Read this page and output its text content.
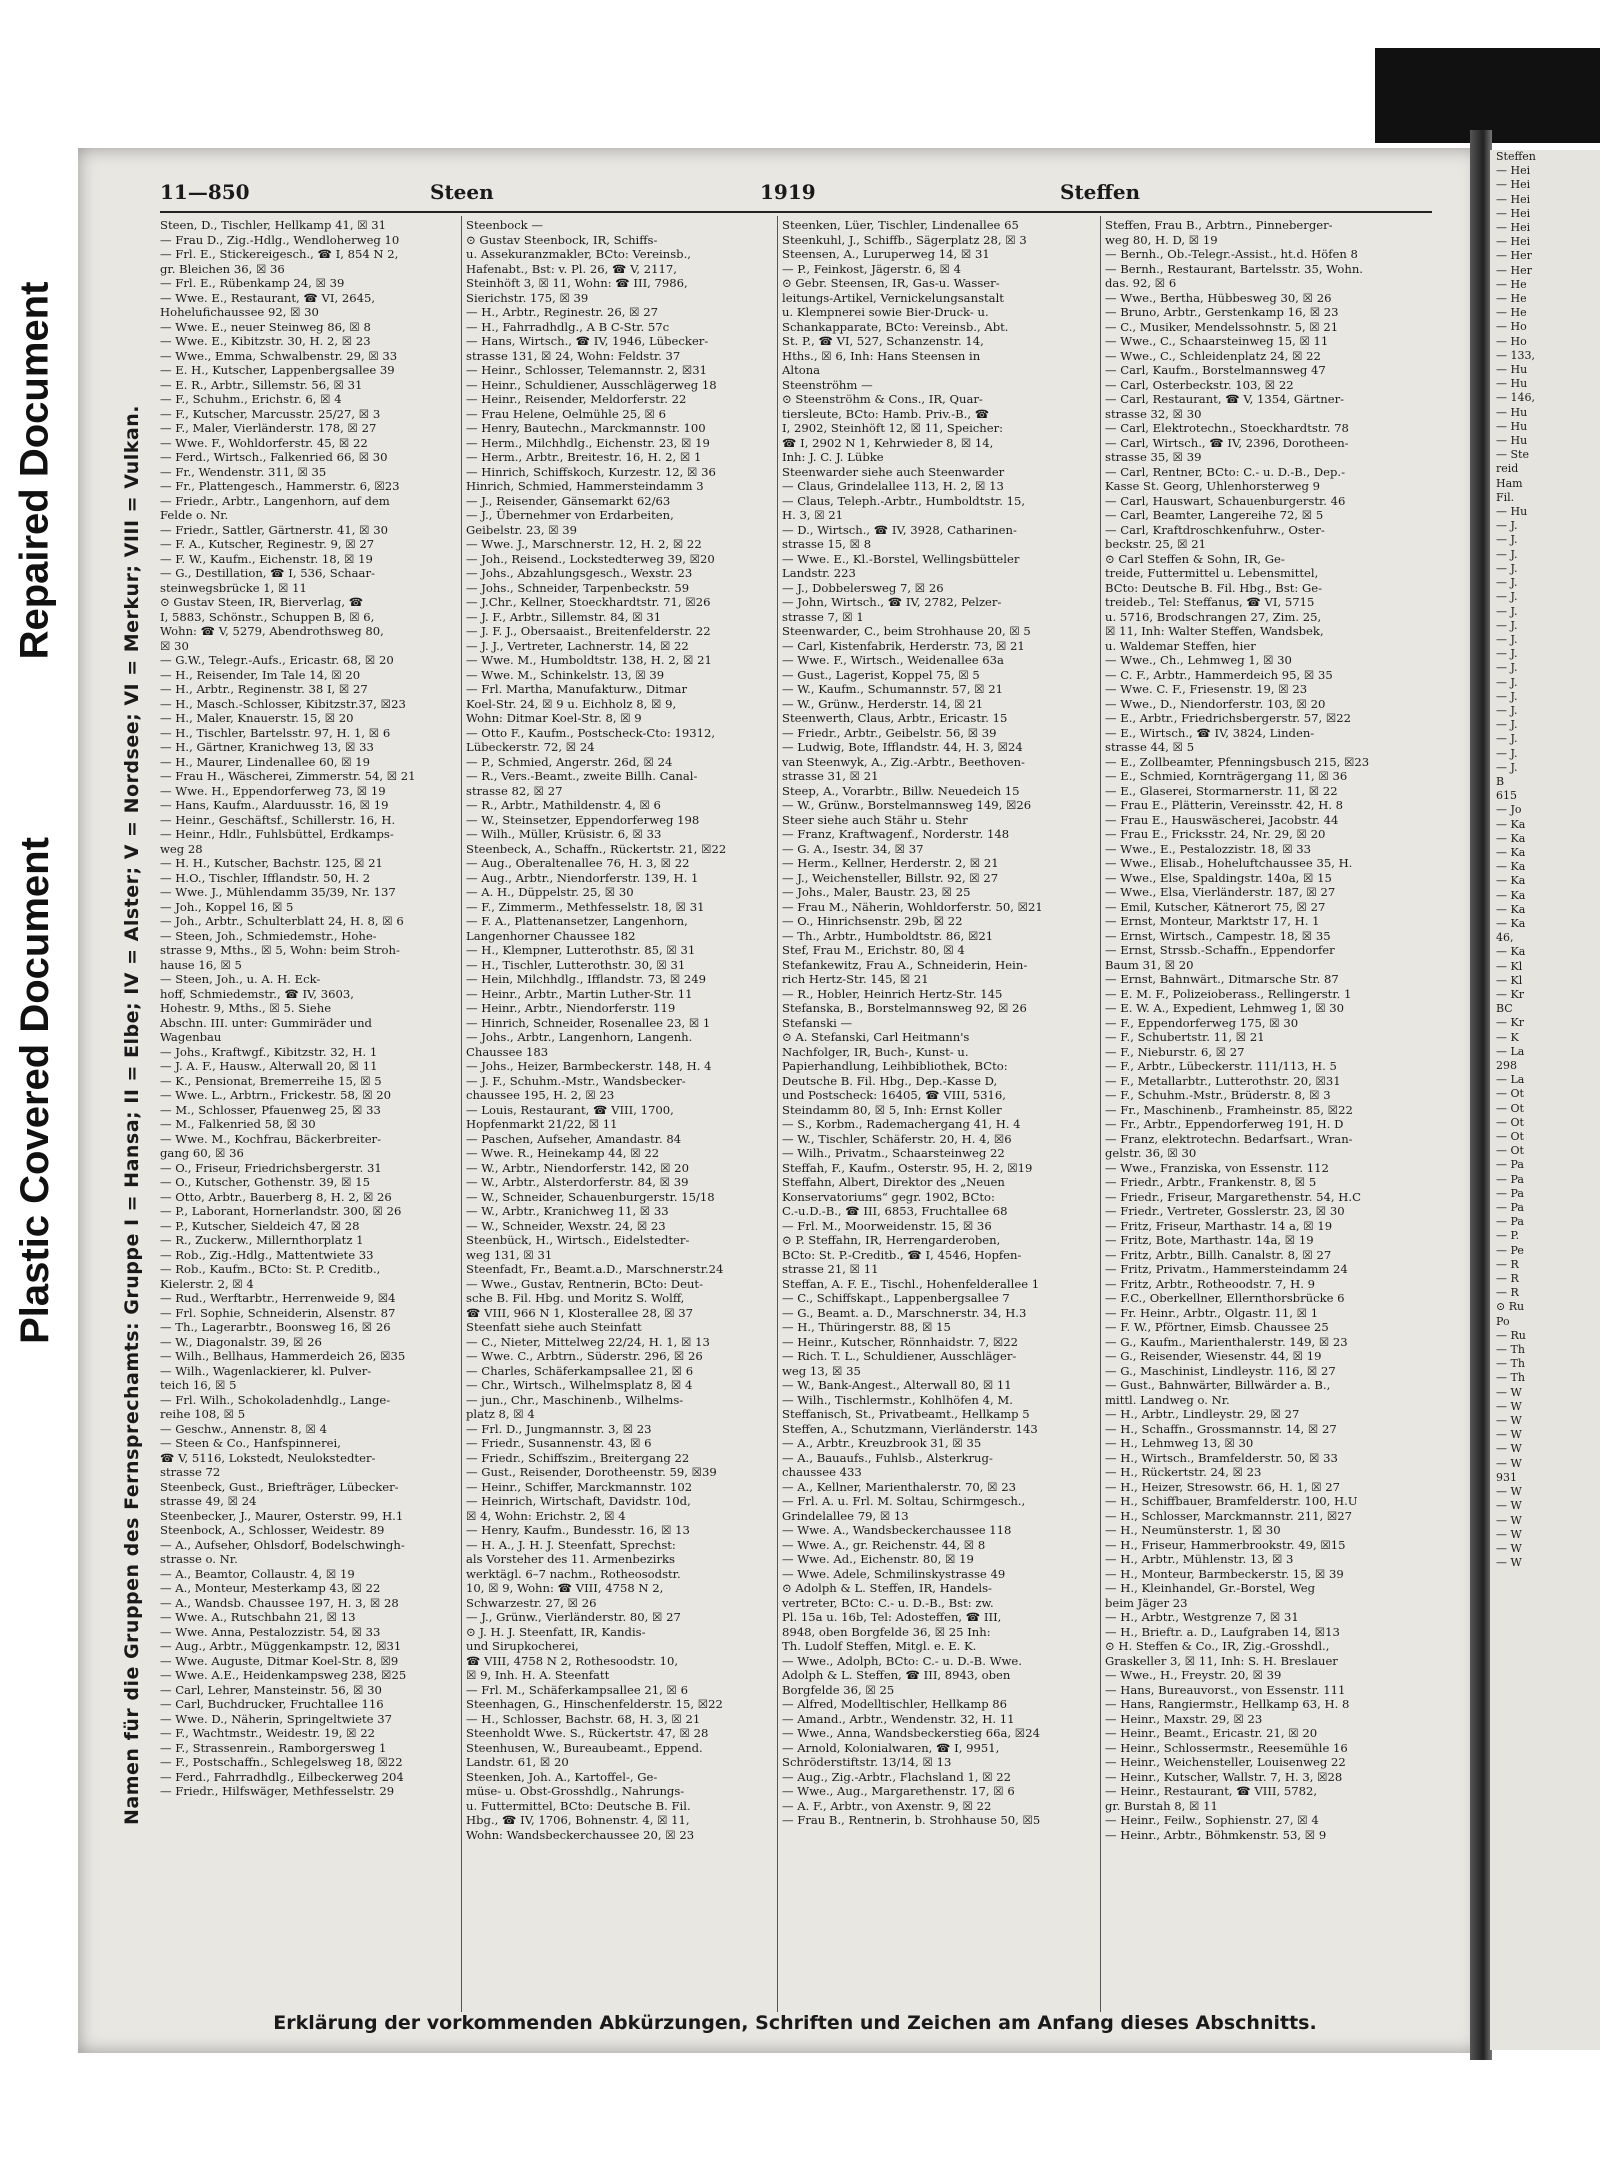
Repaired Document
Plastic Covered Document
Steffen
— Hei
— Hei
— Hei
— Hei
— Hei
— Hei
— Her
— Her
— He
— He
— He
— Ho
— Ho
— 133,
— Hu
— Hu
— 146,
— Hu
— Hu
— Hu
— Ste
reid
Ham
Fil.
— Hu
— J.
— J.
— J.
— J.
— J.
— J.
— J.
— J.
— J.
— J.
— J.
— J.
— J.
— J.
— J.
— J.
— J.
— J.
B
615
— Jo
— Ka
— Ka
— Ka
— Ka
— Ka
— Ka
— Ka
— Ka
46,
— Ka
— Kl
— Kl
— Kr
BC
— Kr
— K
— La
298
— La
— Ot
— Ot
— Ot
— Ot
— Ot
— Pa
— Pa
— Pa
— Pa
— Pa
— P.
— Pe
— R
— R
— R
⊙ Ru
Po
— Ru
— Th
— Th
— Th
— W
— W
— W
— W
— W
— W
931
— W
— W
— W
— W
— W
— W
11—850	Steen	1919	Steffen
Namen für die Gruppen des Fernsprechamts: Gruppe I = Hansa; II = Elbe; IV = Alster; V = Nordsee; VI = Merkur; VIII = Vulkan.
Steen, D., Tischler, Hellkamp 41, ☒ 31
— Frau D., Zig.-Hdlg., Wendloherweg 10
— Frl. E., Stickereigesch., ☎ I, 854 N 2,
gr. Bleichen 36, ☒ 36
— Frl. E., Rübenkamp 24, ☒ 39
— Wwe. E., Restaurant, ☎ VI, 2645,
Hohelufichaussee 92, ☒ 30
— Wwe. E., neuer Steinweg 86, ☒ 8
— Wwe. E., Kibitzstr. 30, H. 2, ☒ 23
— Wwe., Emma, Schwalbenstr. 29, ☒ 33
— E. H., Kutscher, Lappenbergsallee 39
— E. R., Arbtr., Sillemstr. 56, ☒ 31
— F., Schuhm., Erichstr. 6, ☒ 4
— F., Kutscher, Marcusstr. 25/27, ☒ 3
— F., Maler, Vierländerstr. 178, ☒ 27
— Wwe. F., Wohldorferstr. 45, ☒ 22
— Ferd., Wirtsch., Falkenried 66, ☒ 30
— Fr., Wendenstr. 311, ☒ 35
— Fr., Plattengesch., Hammerstr. 6, ☒23
— Friedr., Arbtr., Langenhorn, auf dem
Felde o. Nr.
— Friedr., Sattler, Gärtnerstr. 41, ☒ 30
— F. A., Kutscher, Reginestr. 9, ☒ 27
— F. W., Kaufm., Eichenstr. 18, ☒ 19
— G., Destillation, ☎ I, 536, Schaar-
steinwegsbrücke 1, ☒ 11
⊙ Gustav Steen, IR, Bierverlag, ☎
I, 5883, Schönstr., Schuppen B, ☒ 6,
Wohn: ☎ V, 5279, Abendrothsweg 80,
☒ 30
— G.W., Telegr.-Aufs., Ericastr. 68, ☒ 20
— H., Reisender, Im Tale 14, ☒ 20
— H., Arbtr., Reginenstr. 38 I, ☒ 27
— H., Masch.-Schlosser, Kibitzstr.37, ☒23
— H., Maler, Knauerstr. 15, ☒ 20
— H., Tischler, Bartelsstr. 97, H. 1, ☒ 6
— H., Gärtner, Kranichweg 13, ☒ 33
— H., Maurer, Lindenallee 60, ☒ 19
— Frau H., Wäscherei, Zimmerstr. 54, ☒ 21
— Wwe. H., Eppendorferweg 73, ☒ 19
— Hans, Kaufm., Alarduusstr. 16, ☒ 19
— Heinr., Geschäftsf., Schillerstr. 16, H.
— Heinr., Hdlr., Fuhlsbüttel, Erdkamps-
weg 28
— H. H., Kutscher, Bachstr. 125, ☒ 21
— H.O., Tischler, Ifflandstr. 50, H. 2
— Wwe. J., Mühlendamm 35/39, Nr. 137
— Joh., Koppel 16, ☒ 5
— Joh., Arbtr., Schulterblatt 24, H. 8, ☒ 6
— Steen, Joh., Schmiedemstr., Hohe-
strasse 9, Mths., ☒ 5, Wohn: beim Stroh-
hause 16, ☒ 5
— Steen, Joh., u. A. H. Eck-
hoff, Schmiedemstr., ☎ IV, 3603,
Hohestr. 9, Mths., ☒ 5. Siehe
Abschn. III. unter: Gummiräder und
Wagenbau
— Johs., Kraftwgf., Kibitzstr. 32, H. 1
— J. A. F., Hausw., Alterwall 20, ☒ 11
— K., Pensionat, Bremerreihe 15, ☒ 5
— Wwe. L., Arbtrn., Frickestr. 58, ☒ 20
— M., Schlosser, Pfauenweg 25, ☒ 33
— M., Falkenried 58, ☒ 30
— Wwe. M., Kochfrau, Bäckerbreiter-
gang 60, ☒ 36
— O., Friseur, Friedrichsbergerstr. 31
— O., Kutscher, Gothenstr. 39, ☒ 15
— Otto, Arbtr., Bauerberg 8, H. 2, ☒ 26
— P., Laborant, Hornerlandstr. 300, ☒ 26
— P., Kutscher, Sieldeich 47, ☒ 28
— R., Zuckerw., Millernthorplatz 1
— Rob., Zig.-Hdlg., Mattentwiete 33
— Rob., Kaufm., BCto: St. P. Creditb.,
Kielerstr. 2, ☒ 4
— Rud., Werftarbtr., Herrenweide 9, ☒4
— Frl. Sophie, Schneiderin, Alsenstr. 87
— Th., Lagerarbtr., Boonsweg 16, ☒ 26
— W., Diagonalstr. 39, ☒ 26
— Wilh., Bellhaus, Hammerdeich 26, ☒35
— Wilh., Wagenlackierer, kl. Pulver-
teich 16, ☒ 5
— Frl. Wilh., Schokoladenhdlg., Lange-
reihe 108, ☒ 5
— Geschw., Annenstr. 8, ☒ 4
— Steen & Co., Hanfspinnerei,
☎ V, 5116, Lokstedt, Neulokstedter-
strasse 72
Steenbeck, Gust., Briefträger, Lübecker-
strasse 49, ☒ 24
Steenbecker, J., Maurer, Osterstr. 99, H.1
Steenbock, A., Schlosser, Weidestr. 89
— A., Aufseher, Ohlsdorf, Bodelschwingh-
strasse o. Nr.
— A., Beamtor, Collaustr. 4, ☒ 19
— A., Monteur, Mesterkamp 43, ☒ 22
— A., Wandsb. Chaussee 197, H. 3, ☒ 28
— Wwe. A., Rutschbahn 21, ☒ 13
— Wwe. Anna, Pestalozzistr. 54, ☒ 33
— Aug., Arbtr., Müggenkampstr. 12, ☒31
— Wwe. Auguste, Ditmar Koel-Str. 8, ☒9
— Wwe. A.E., Heidenkampsweg 238, ☒25
— Carl, Lehrer, Mansteinstr. 56, ☒ 30
— Carl, Buchdrucker, Fruchtallee 116
— Wwe. D., Näherin, Springeltwiete 37
— F., Wachtmstr., Weidestr. 19, ☒ 22
— F., Strassenrein., Ramborgersweg 1
— F., Postschaffn., Schlegelsweg 18, ☒22
— Ferd., Fahrradhdlg., Eilbeckerweg 204
— Friedr., Hilfswäger, Methfesselstr. 29
Steenbock —
⊙ Gustav Steenbock, IR, Schiffs-
u. Assekuranzmakler, BCto: Vereinsb.,
Hafenabt., Bst: v. Pl. 26, ☎ V, 2117,
Steinhöft 3, ☒ 11, Wohn: ☎ III, 7986,
Sierichstr. 175, ☒ 39
— H., Arbtr., Reginestr. 26, ☒ 27
— H., Fahrradhdlg., A B C-Str. 57c
— Hans, Wirtsch., ☎ IV, 1946, Lübecker-
strasse 131, ☒ 24, Wohn: Feldstr. 37
— Heinr., Schlosser, Telemannstr. 2, ☒31
— Heinr., Schuldiener, Ausschlägerweg 18
— Heinr., Reisender, Meldorferstr. 22
— Frau Helene, Oelmühle 25, ☒ 6
— Henry, Bautechn., Marckmannstr. 100
— Herm., Milchhdlg., Eichenstr. 23, ☒ 19
— Herm., Arbtr., Breitestr. 16, H. 2, ☒ 1
— Hinrich, Schiffskoch, Kurzestr. 12, ☒ 36
Hinrich, Schmied, Hammersteindamm 3
— J., Reisender, Gänsemarkt 62/63
— J., Übernehmer von Erdarbeiten,
Geibelstr. 23, ☒ 39
— Wwe. J., Marschnerstr. 12, H. 2, ☒ 22
— Joh., Reisend., Lockstedterweg 39, ☒20
— Johs., Abzahlungsgesch., Wexstr. 23
— Johs., Schneider, Tarpenbeckstr. 59
— J.Chr., Kellner, Stoeckhardtstr. 71, ☒26
— J. F., Arbtr., Sillemstr. 84, ☒ 31
— J. F. J., Obersaaist., Breitenfelderstr. 22
— J. J., Vertreter, Lachnerstr. 14, ☒ 22
— Wwe. M., Humboldtstr. 138, H. 2, ☒ 21
— Wwe. M., Schinkelstr. 13, ☒ 39
— Frl. Martha, Manufakturw., Ditmar
Koel-Str. 24, ☒ 9 u. Eichholz 8, ☒ 9,
Wohn: Ditmar Koel-Str. 8, ☒ 9
— Otto F., Kaufm., Postscheck-Cto: 19312,
Lübeckerstr. 72, ☒ 24
— P., Schmied, Angerstr. 26d, ☒ 24
— R., Vers.-Beamt., zweite Billh. Canal-
strasse 82, ☒ 27
— R., Arbtr., Mathildenstr. 4, ☒ 6
— W., Steinsetzer, Eppendorferweg 198
— Wilh., Müller, Krüsistr. 6, ☒ 33
Steenbeck, A., Schaffn., Rückertstr. 21, ☒22
— Aug., Oberaltenallee 76, H. 3, ☒ 22
— Aug., Arbtr., Niendorferstr. 139, H. 1
— A. H., Düppelstr. 25, ☒ 30
— F., Zimmerm., Methfesselstr. 18, ☒ 31
— F. A., Plattenansetzer, Langenhorn,
Langenhorner Chaussee 182
— H., Klempner, Lutterothstr. 85, ☒ 31
— H., Tischler, Lutterothstr. 30, ☒ 31
— Hein, Milchhdlg., Ifflandstr. 73, ☒ 249
— Heinr., Arbtr., Martin Luther-Str. 11
— Heinr., Arbtr., Niendorferstr. 119
— Hinrich, Schneider, Rosenallee 23, ☒ 1
— Johs., Arbtr., Langenhorn, Langenh.
Chaussee 183
— Johs., Heizer, Barmbeckerstr. 148, H. 4
— J. F., Schuhm.-Mstr., Wandsbecker-
chaussee 195, H. 2, ☒ 23
— Louis, Restaurant, ☎ VIII, 1700,
Hopfenmarkt 21/22, ☒ 11
— Paschen, Aufseher, Amandastr. 84
— Wwe. R., Heinekamp 44, ☒ 22
— W., Arbtr., Niendorferstr. 142, ☒ 20
— W., Arbtr., Alsterdorferstr. 84, ☒ 39
— W., Schneider, Schauenburgerstr. 15/18
— W., Arbtr., Kranichweg 11, ☒ 33
— W., Schneider, Wexstr. 24, ☒ 23
Steenbück, H., Wirtsch., Eidelstedter-
weg 131, ☒ 31
Steenfadt, Fr., Beamt.a.D., Marschnerstr.24
— Wwe., Gustav, Rentnerin, BCto: Deut-
sche B. Fil. Hbg. und Moritz S. Wolff,
☎ VIII, 966 N 1, Klosterallee 28, ☒ 37
Steenfatt siehe auch Steinfatt
— C., Nieter, Mittelweg 22/24, H. 1, ☒ 13
— Wwe. C., Arbtrn., Süderstr. 296, ☒ 26
— Charles, Schäferkampsallee 21, ☒ 6
— Chr., Wirtsch., Wilhelmsplatz 8, ☒ 4
— jun., Chr., Maschinenb., Wilhelms-
platz 8, ☒ 4
— Frl. D., Jungmannstr. 3, ☒ 23
— Friedr., Susannenstr. 43, ☒ 6
— Friedr., Schiffszim., Breitergang 22
— Gust., Reisender, Dorotheenstr. 59, ☒39
— Heinr., Schiffer, Marckmannstr. 102
— Heinrich, Wirtschaft, Davidstr. 10d,
☒ 4, Wohn: Erichstr. 2, ☒ 4
— Henry, Kaufm., Bundesstr. 16, ☒ 13
— H. A., J. H. J. Steenfatt, Sprechst:
als Vorsteher des 11. Armenbezirks
werktägl. 6–7 nachm., Rotheosodstr.
10, ☒ 9, Wohn: ☎ VIII, 4758 N 2,
Schwarzestr. 27, ☒ 26
— J., Grünw., Vierländerstr. 80, ☒ 27
⊙ J. H. J. Steenfatt, IR, Kandis-
und Sirupkocherei,
☎ VIII, 4758 N 2, Rothesoodstr. 10,
☒ 9, Inh. H. A. Steenfatt
— Frl. M., Schäferkampsallee 21, ☒ 6
Steenhagen, G., Hinschenfelderstr. 15, ☒22
— H., Schlosser, Bachstr. 68, H. 3, ☒ 21
Steenholdt Wwe. S., Rückertstr. 47, ☒ 28
Steenhusen, W., Bureaubeamt., Eppend.
Landstr. 61, ☒ 20
Steenken, Joh. A., Kartoffel-, Ge-
müse- u. Obst-Grosshdlg., Nahrungs-
u. Futtermittel, BCto: Deutsche B. Fil.
Hbg., ☎ IV, 1706, Bohnenstr. 4, ☒ 11,
Wohn: Wandsbeckerchaussee 20, ☒ 23
Steenken, Lüer, Tischler, Lindenallee 65
Steenkuhl, J., Schiffb., Sägerplatz 28, ☒ 3
Steensen, A., Luruperweg 14, ☒ 31
— P., Feinkost, Jägerstr. 6, ☒ 4
⊙ Gebr. Steensen, IR, Gas-u. Wasser-
leitungs-Artikel, Vernickelungsanstalt
u. Klempnerei sowie Bier-Druck- u.
Schankapparate, BCto: Vereinsb., Abt.
St. P., ☎ VI, 527, Schanzenstr. 14,
Hths., ☒ 6, Inh: Hans Steensen in
Altona
Steenströhm —
⊙ Steenströhm & Cons., IR, Quar-
tiersleute, BCto: Hamb. Priv.-B., ☎
I, 2902, Steinhöft 12, ☒ 11, Speicher:
☎ I, 2902 N 1, Kehrwieder 8, ☒ 14,
Inh: J. C. J. Lübke
Steenwarder siehe auch Steenwarder
— Claus, Grindelallee 113, H. 2, ☒ 13
— Claus, Teleph.-Arbtr., Humboldtstr. 15,
H. 3, ☒ 21
— D., Wirtsch., ☎ IV, 3928, Catharinen-
strasse 15, ☒ 8
— Wwe. E., Kl.-Borstel, Wellingsbütteler
Landstr. 223
— J., Dobbelersweg 7, ☒ 26
— John, Wirtsch., ☎ IV, 2782, Pelzer-
strasse 7, ☒ 1
Steenwarder, C., beim Strohhause 20, ☒ 5
— Carl, Kistenfabrik, Herderstr. 73, ☒ 21
— Wwe. F., Wirtsch., Weidenallee 63a
— Gust., Lagerist, Koppel 75, ☒ 5
— W., Kaufm., Schumannstr. 57, ☒ 21
— W., Grünw., Herderstr. 14, ☒ 21
Steenwerth, Claus, Arbtr., Ericastr. 15
— Friedr., Arbtr., Geibelstr. 56, ☒ 39
— Ludwig, Bote, Ifflandstr. 44, H. 3, ☒24
van Steenwyk, A., Zig.-Arbtr., Beethoven-
strasse 31, ☒ 21
Steep, A., Vorarbtr., Billw. Neuedeich 15
— W., Grünw., Borstelmannsweg 149, ☒26
Steer siehe auch Stähr u. Stehr
— Franz, Kraftwagenf., Norderstr. 148
— G. A., Isestr. 34, ☒ 37
— Herm., Kellner, Herderstr. 2, ☒ 21
— J., Weichensteller, Billstr. 92, ☒ 27
— Johs., Maler, Baustr. 23, ☒ 25
— Frau M., Näherin, Wohldorferstr. 50, ☒21
— O., Hinrichsenstr. 29b, ☒ 22
— Th., Arbtr., Humboldtstr. 86, ☒21
Stef, Frau M., Erichstr. 80, ☒ 4
Stefankewitz, Frau A., Schneiderin, Hein-
rich Hertz-Str. 145, ☒ 21
— R., Hobler, Heinrich Hertz-Str. 145
Stefanska, B., Borstelmannsweg 92, ☒ 26
Stefanski —
⊙ A. Stefanski, Carl Heitmann's
Nachfolger, IR, Buch-, Kunst- u.
Papierhandlung, Leihbibliothek, BCto:
Deutsche B. Fil. Hbg., Dep.-Kasse D,
und Postscheck: 16405, ☎ VIII, 5316,
Steindamm 80, ☒ 5, Inh: Ernst Koller
— S., Korbm., Rademachergang 41, H. 4
— W., Tischler, Schäferstr. 20, H. 4, ☒6
— Wilh., Privatm., Schaarsteinweg 22
Steffah, F., Kaufm., Osterstr. 95, H. 2, ☒19
Steffahn, Albert, Direktor des „Neuen
Konservatoriums“ gegr. 1902, BCto:
C.-u.D.-B., ☎ III, 6853, Fruchtallee 68
— Frl. M., Moorweidenstr. 15, ☒ 36
⊙ P. Steffahn, IR, Herrengarderoben,
BCto: St. P.-Creditb., ☎ I, 4546, Hopfen-
strasse 21, ☒ 11
Steffan, A. F. E., Tischl., Hohenfelderallee 1
— C., Schiffskapt., Lappenbergsallee 7
— G., Beamt. a. D., Marschnerstr. 34, H.3
— H., Thüringerstr. 88, ☒ 15
— Heinr., Kutscher, Rönnhaidstr. 7, ☒22
— Rich. T. L., Schuldiener, Ausschläger-
weg 13, ☒ 35
— W., Bank-Angest., Alterwall 80, ☒ 11
— Wilh., Tischlermstr., Kohlhöfen 4, M.
Steffanisch, St., Privatbeamt., Hellkamp 5
Steffen, A., Schutzmann, Vierländerstr. 143
— A., Arbtr., Kreuzbrook 31, ☒ 35
— A., Bauaufs., Fuhlsb., Alsterkrug-
chaussee 433
— A., Kellner, Marienthalerstr. 70, ☒ 23
— Frl. A. u. Frl. M. Soltau, Schirmgesch.,
Grindelallee 79, ☒ 13
— Wwe. A., Wandsbeckerchaussee 118
— Wwe. A., gr. Reichenstr. 44, ☒ 8
— Wwe. Ad., Eichenstr. 80, ☒ 19
— Wwe. Adele, Schmilinskystrasse 49
⊙ Adolph & L. Steffen, IR, Handels-
vertreter, BCto: C.- u. D.-B., Bst: zw.
Pl. 15a u. 16b, Tel: Adosteffen, ☎ III,
8948, oben Borgfelde 36, ☒ 25 Inh:
Th. Ludolf Steffen, Mitgl. e. E. K.
— Wwe., Adolph, BCto: C.- u. D.-B. Wwe.
Adolph & L. Steffen, ☎ III, 8943, oben
Borgfelde 36, ☒ 25
— Alfred, Modelltischler, Hellkamp 86
— Amand., Arbtr., Wendenstr. 32, H. 11
— Wwe., Anna, Wandsbeckerstieg 66a, ☒24
— Arnold, Kolonialwaren, ☎ I, 9951,
Schröderstiftstr. 13/14, ☒ 13
— Aug., Zig.-Arbtr., Flachsland 1, ☒ 22
— Wwe., Aug., Margarethenstr. 17, ☒ 6
— A. F., Arbtr., von Axenstr. 9, ☒ 22
— Frau B., Rentnerin, b. Strohhause 50, ☒5
Steffen, Frau B., Arbtrn., Pinneberger-
weg 80, H. D, ☒ 19
— Bernh., Ob.-Telegr.-Assist., ht.d. Höfen 8
— Bernh., Restaurant, Bartelsstr. 35, Wohn.
das. 92, ☒ 6
— Wwe., Bertha, Hübbesweg 30, ☒ 26
— Bruno, Arbtr., Gerstenkamp 16, ☒ 23
— C., Musiker, Mendelssohnstr. 5, ☒ 21
— Wwe., C., Schaarsteinweg 15, ☒ 11
— Wwe., C., Schleidenplatz 24, ☒ 22
— Carl, Kaufm., Borstelmannsweg 47
— Carl, Osterbeckstr. 103, ☒ 22
— Carl, Restaurant, ☎ V, 1354, Gärtner-
strasse 32, ☒ 30
— Carl, Elektrotechn., Stoeckhardtstr. 78
— Carl, Wirtsch., ☎ IV, 2396, Dorotheen-
strasse 35, ☒ 39
— Carl, Rentner, BCto: C.- u. D.-B., Dep.-
Kasse St. Georg, Uhlenhorsterweg 9
— Carl, Hauswart, Schauenburgerstr. 46
— Carl, Beamter, Langereihe 72, ☒ 5
— Carl, Kraftdroschkenfuhrw., Oster-
beckstr. 25, ☒ 21
⊙ Carl Steffen & Sohn, IR, Ge-
treide, Futtermittel u. Lebensmittel,
BCto: Deutsche B. Fil. Hbg., Bst: Ge-
treideb., Tel: Steffanus, ☎ VI, 5715
u. 5716, Brodschrangen 27, Zim. 25,
☒ 11, Inh: Walter Steffen, Wandsbek,
u. Waldemar Steffen, hier
— Wwe., Ch., Lehmweg 1, ☒ 30
— C. F., Arbtr., Hammerdeich 95, ☒ 35
— Wwe. C. F., Friesenstr. 19, ☒ 23
— Wwe., D., Niendorferstr. 103, ☒ 20
— E., Arbtr., Friedrichsbergerstr. 57, ☒22
— E., Wirtsch., ☎ IV, 3824, Linden-
strasse 44, ☒ 5
— E., Zollbeamter, Pfenningsbusch 215, ☒23
— E., Schmied, Kornträgergang 11, ☒ 36
— E., Glaserei, Stormarnerstr. 11, ☒ 22
— Frau E., Plätterin, Vereinsstr. 42, H. 8
— Frau E., Hauswäscherei, Jacobstr. 44
— Frau E., Fricksstr. 24, Nr. 29, ☒ 20
— Wwe., E., Pestalozzistr. 18, ☒ 33
— Wwe., Elisab., Hoheluftchaussee 35, H.
— Wwe., Else, Spaldingstr. 140a, ☒ 15
— Wwe., Elsa, Vierländerstr. 187, ☒ 27
— Emil, Kutscher, Kätnerort 75, ☒ 27
— Ernst, Monteur, Marktstr 17, H. 1
— Ernst, Wirtsch., Campestr. 18, ☒ 35
— Ernst, Strssb.-Schaffn., Eppendorfer
Baum 31, ☒ 20
— Ernst, Bahnwärt., Ditmarsche Str. 87
— E. M. F., Polizeioberass., Rellingerstr. 1
— E. W. A., Expedient, Lehmweg 1, ☒ 30
— F., Eppendorferweg 175, ☒ 30
— F., Schubertstr. 11, ☒ 21
— F., Nieburstr. 6, ☒ 27
— F., Arbtr., Lübeckerstr. 111/113, H. 5
— F., Metallarbtr., Lutterothstr. 20, ☒31
— F., Schuhm.-Mstr., Brüderstr. 8, ☒ 3
— Fr., Maschinenb., Framheinstr. 85, ☒22
— Fr., Arbtr., Eppendorferweg 191, H. D
— Franz, elektrotechn. Bedarfsart., Wran-
gelstr. 36, ☒ 30
— Wwe., Franziska, von Essenstr. 112
— Friedr., Arbtr., Frankenstr. 8, ☒ 5
— Friedr., Friseur, Margarethenstr. 54, H.C
— Friedr., Vertreter, Gosslerstr. 23, ☒ 30
— Fritz, Friseur, Marthastr. 14 a, ☒ 19
— Fritz, Bote, Marthastr. 14a, ☒ 19
— Fritz, Arbtr., Billh. Canalstr. 8, ☒ 27
— Fritz, Privatm., Hammersteindamm 24
— Fritz, Arbtr., Rotheoodstr. 7, H. 9
— F.C., Oberkellner, Ellernthorsbrücke 6
— Fr. Heinr., Arbtr., Olgastr. 11, ☒ 1
— F. W., Pförtner, Eimsb. Chaussee 25
— G., Kaufm., Marienthalerstr. 149, ☒ 23
— G., Reisender, Wiesenstr. 44, ☒ 19
— G., Maschinist, Lindleystr. 116, ☒ 27
— Gust., Bahnwärter, Billwärder a. B.,
mittl. Landweg o. Nr.
— H., Arbtr., Lindleystr. 29, ☒ 27
— H., Schaffn., Grossmannstr. 14, ☒ 27
— H., Lehmweg 13, ☒ 30
— H., Wirtsch., Bramfelderstr. 50, ☒ 33
— H., Rückertstr. 24, ☒ 23
— H., Heizer, Stresowstr. 66, H. 1, ☒ 27
— H., Schiffbauer, Bramfelderstr. 100, H.U
— H., Schlosser, Marckmannstr. 211, ☒27
— H., Neumünsterstr. 1, ☒ 30
— H., Friseur, Hammerbrookstr. 49, ☒15
— H., Arbtr., Mühlenstr. 13, ☒ 3
— H., Monteur, Barmbeckerstr. 15, ☒ 39
— H., Kleinhandel, Gr.-Borstel, Weg
beim Jäger 23
— H., Arbtr., Westgrenze 7, ☒ 31
— H., Brieftr. a. D., Laufgraben 14, ☒13
⊙ H. Steffen & Co., IR, Zig.-Grosshdl.,
Graskeller 3, ☒ 11, Inh: S. H. Breslauer
— Wwe., H., Freystr. 20, ☒ 39
— Hans, Bureauvorst., von Essenstr. 111
— Hans, Rangiermstr., Hellkamp 63, H. 8
— Heinr., Maxstr. 29, ☒ 23
— Heinr., Beamt., Ericastr. 21, ☒ 20
— Heinr., Schlossermstr., Reesemühle 16
— Heinr., Weichensteller, Louisenweg 22
— Heinr., Kutscher, Wallstr. 7, H. 3, ☒28
— Heinr., Restaurant, ☎ VIII, 5782,
gr. Burstah 8, ☒ 11
— Heinr., Feilw., Sophienstr. 27, ☒ 4
— Heinr., Arbtr., Böhmkenstr. 53, ☒ 9
Erklärung der vorkommenden Abkürzungen, Schriften und Zeichen am Anfang dieses Abschnitts.
